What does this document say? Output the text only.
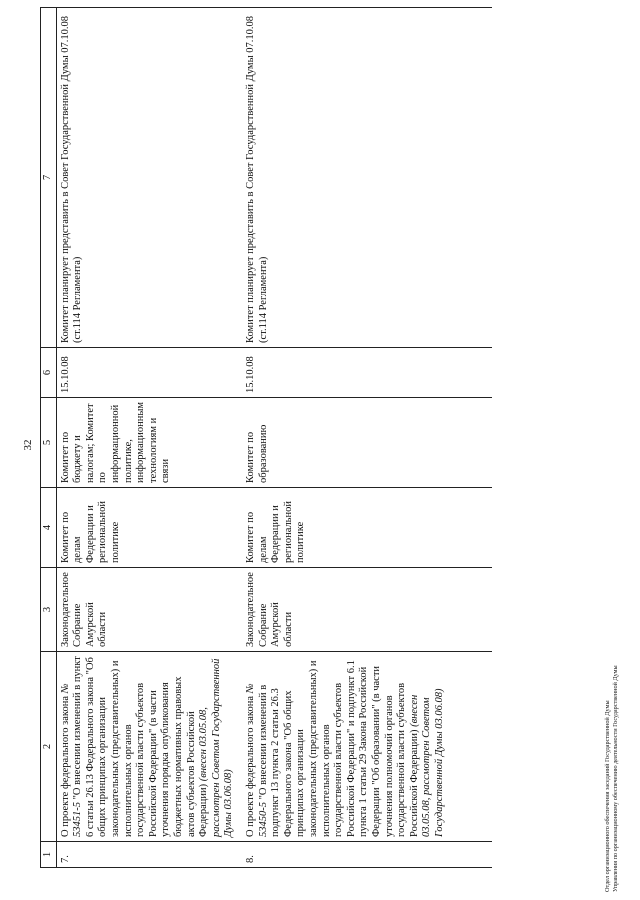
32
1	2	3	4	5	6	7
7.	О проекте федерального закона № 53451-5 "О внесении изменений в пункт 6 статьи 26.13 Федерального закона "Об общих принципах организации законодательных (представительных) и исполнительных органов государственной власти субъектов Российской Федерации" (в части уточнения порядка опубликования бюджетных нормативных правовых актов субъектов Российской Федерации) (внесен 03.05.08, рассмотрен Советом Государственной Думы 03.06.08)	Законодательное Собрание Амурской области	Комитет по делам Федерации и региональной политике	Комитет по бюджету и налогам; Комитет по информационной политике, информационным технологиям и связи	15.10.08	Комитет планирует представить в Совет Государственной Думы 07.10.08 (ст.114 Регламента)
8.	О проекте федерального закона № 53450-5 "О внесении изменений в подпункт 13 пункта 2 статьи 26.3 Федерального закона "Об общих принципах организации законодательных (представительных) и исполнительных органов государственной власти субъектов Российской Федерации" и подпункт 6.1 пункта 1 статьи 29 Закона Российской Федерации "Об образовании" (в части уточнения полномочий органов государственной власти субъектов Российской Федерации) (внесен 03.05.08, рассмотрен Советом Государственной Думы 03.06.08)	Законодательное Собрание Амурской области	Комитет по делам Федерации и региональной политике	Комитет по образованию	15.10.08	Комитет планирует представить в Совет Государственной Думы 07.10.08 (ст.114 Регламента)
Отдел организационного обеспечения заседаний Государственной Думы Управления по организационному обеспечению деятельности Государственной Думы
